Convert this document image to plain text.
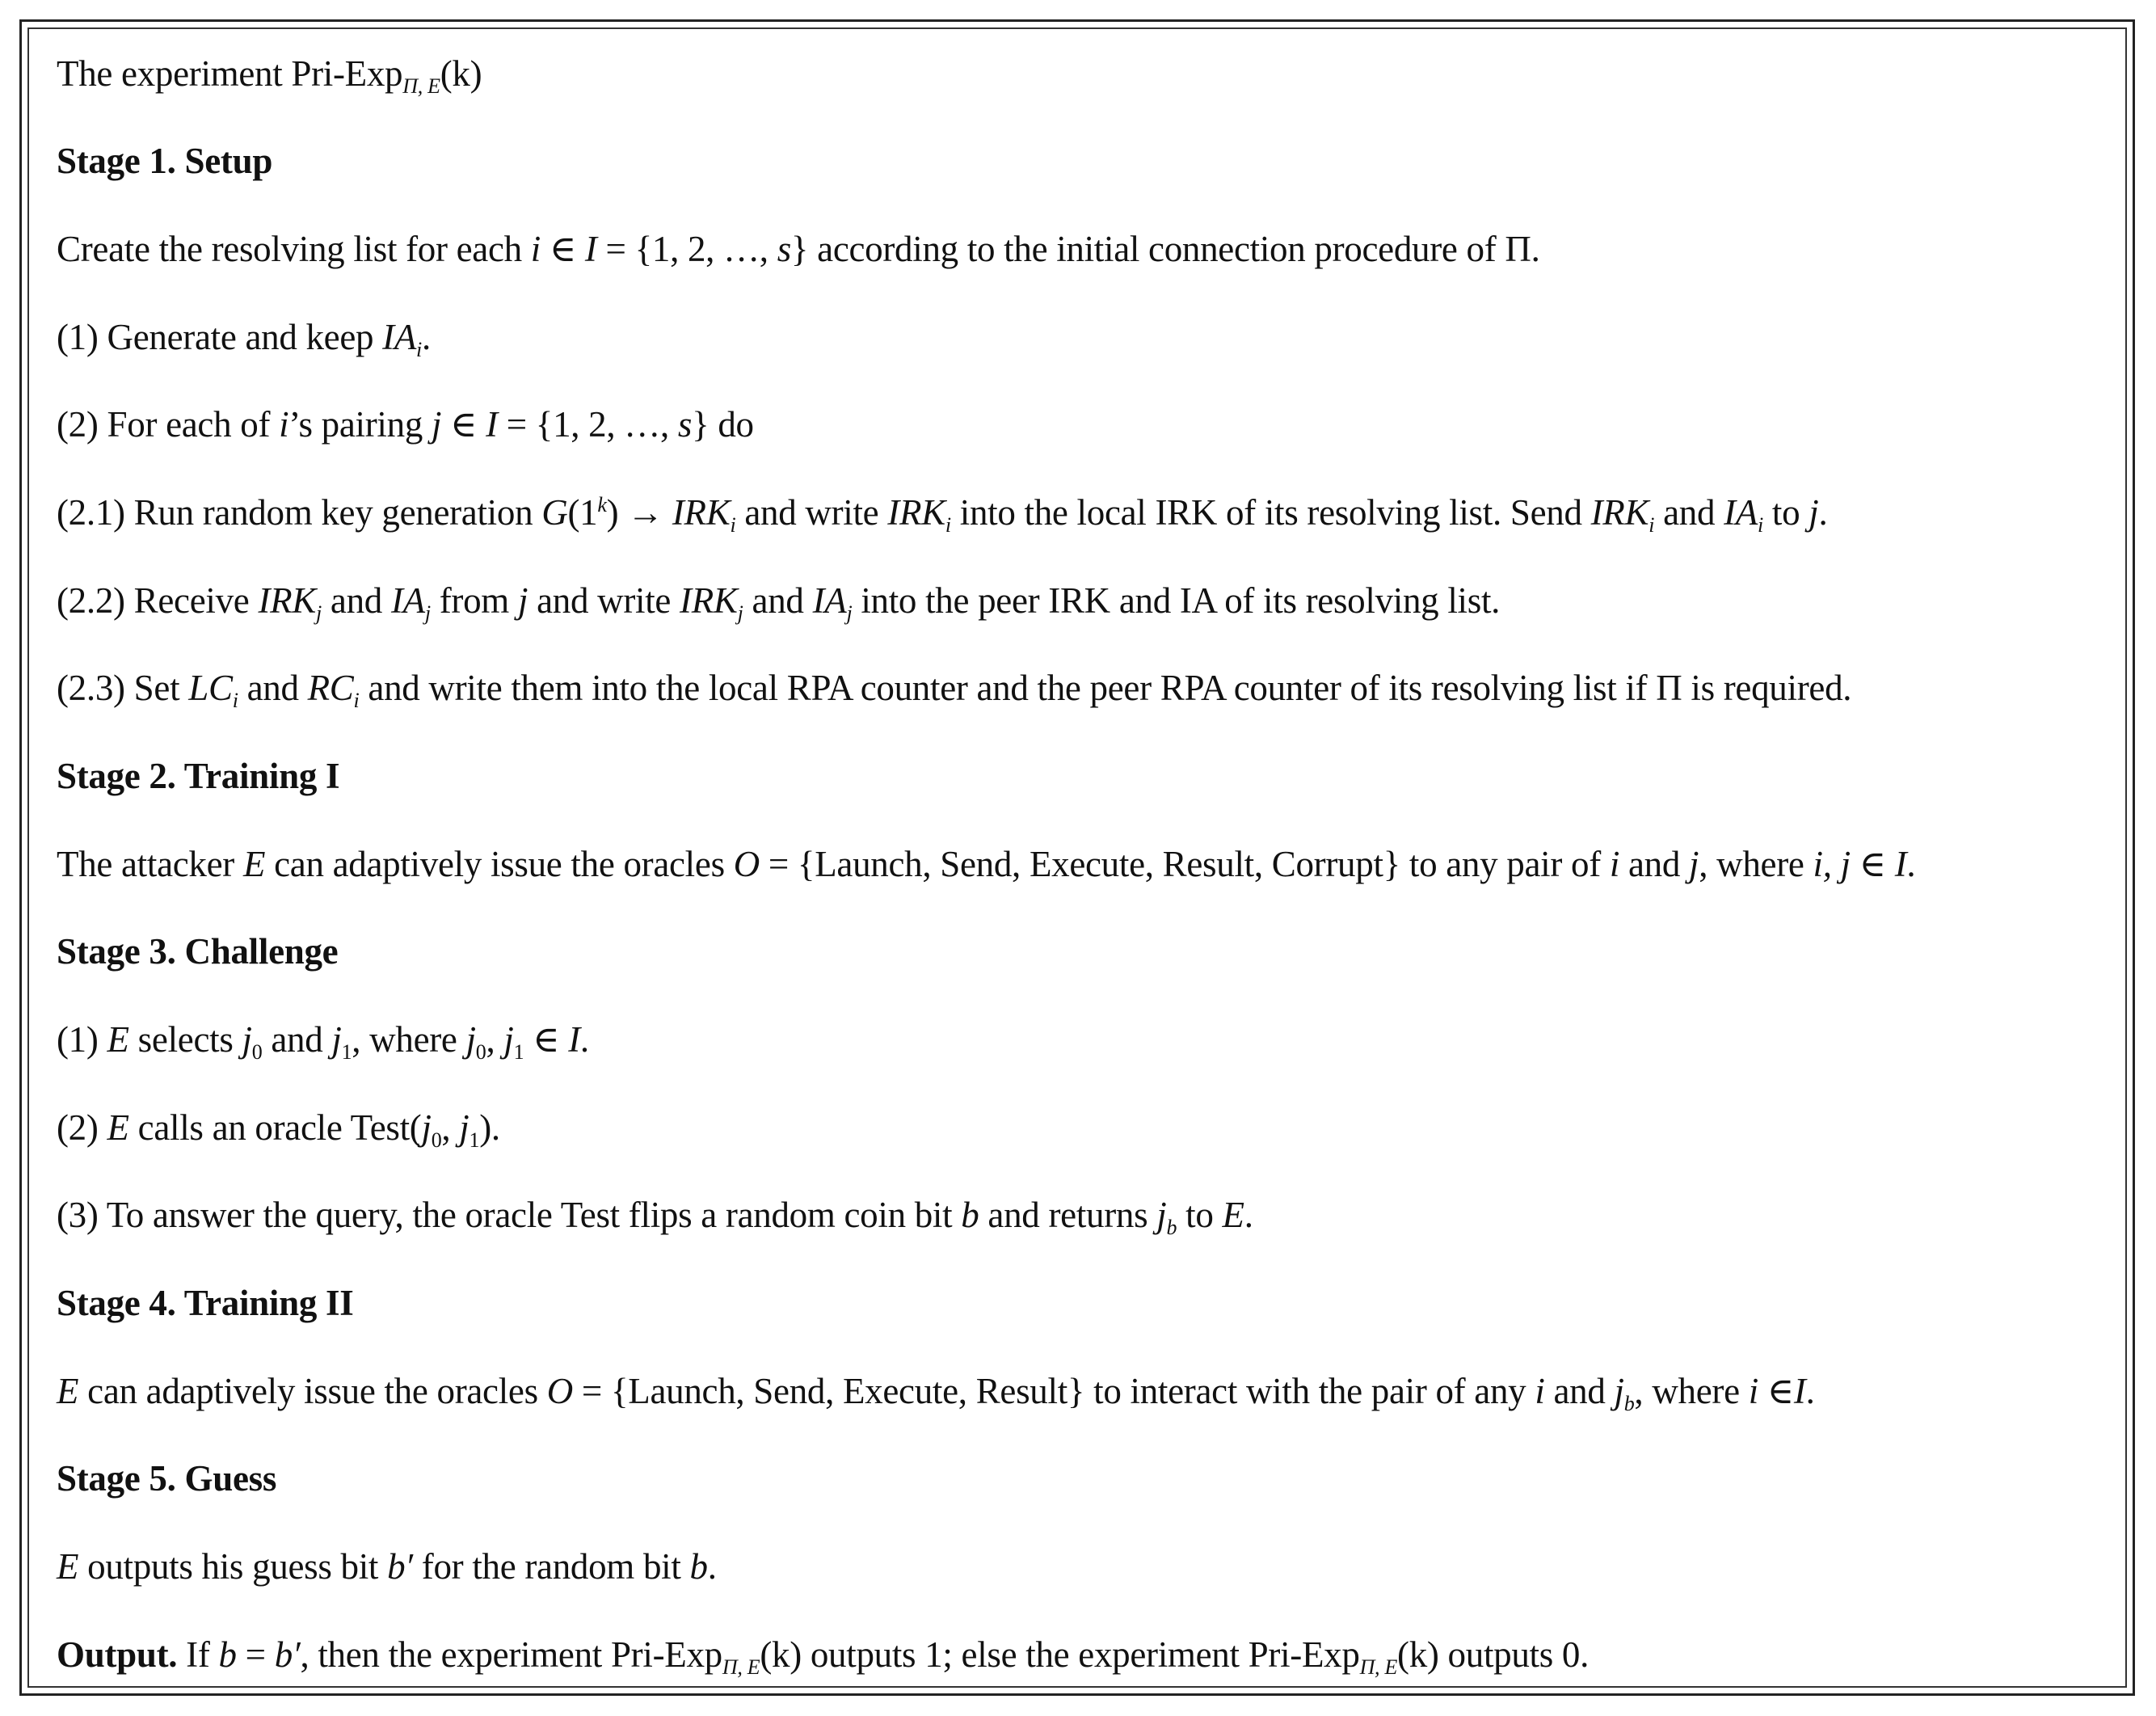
The experiment Pri-Exp$_{\Pi, E}$(k)
Stage 1. Setup
Create the resolving list for each i ∈ I = {1, 2, …, s} according to the initial connection procedure of Π.
(1) Generate and keep $IA_i$.
(2) For each of i’s pairing j ∈ I = {1, 2, …, s} do
(2.1) Run random key generation $G(1^k) \to IRK_i$ and write $IRK_i$ into the local IRK of its resolving list. Send $IRK_i$ and $IA_i$ to j.
(2.2) Receive $IRK_j$ and $IA_j$ from j and write $IRK_j$ and $IA_j$ into the peer IRK and IA of its resolving list.
(2.3) Set $LC_i$ and $RC_i$ and write them into the local RPA counter and the peer RPA counter of its resolving list if Π is required.
Stage 2. Training I
The attacker E can adaptively issue the oracles O = {Launch, Send, Execute, Result, Corrupt} to any pair of i and j, where i, j ∈ I.
Stage 3. Challenge
(1) E selects $j_0$ and $j_1$, where $j_0$, $j_1$ ∈ I.
(2) E calls an oracle $Test(j_0$, $j_1$).
(3) To answer the query, the oracle Test flips a random coin bit b and returns $j_b$ to E.
Stage 4. Training II
E can adaptively issue the oracles O = {Launch, Send, Execute, Result} to interact with the pair of any i and $j_b$, where i ∈I.
Stage 5. Guess
E outputs his guess bit b′ for the random bit b.
Output. If b = b′, then the experiment Pri-Exp$_{\Pi, E}$(k) outputs 1; else the experiment Pri-Exp$_{\Pi, E}$(k) outputs 0.
